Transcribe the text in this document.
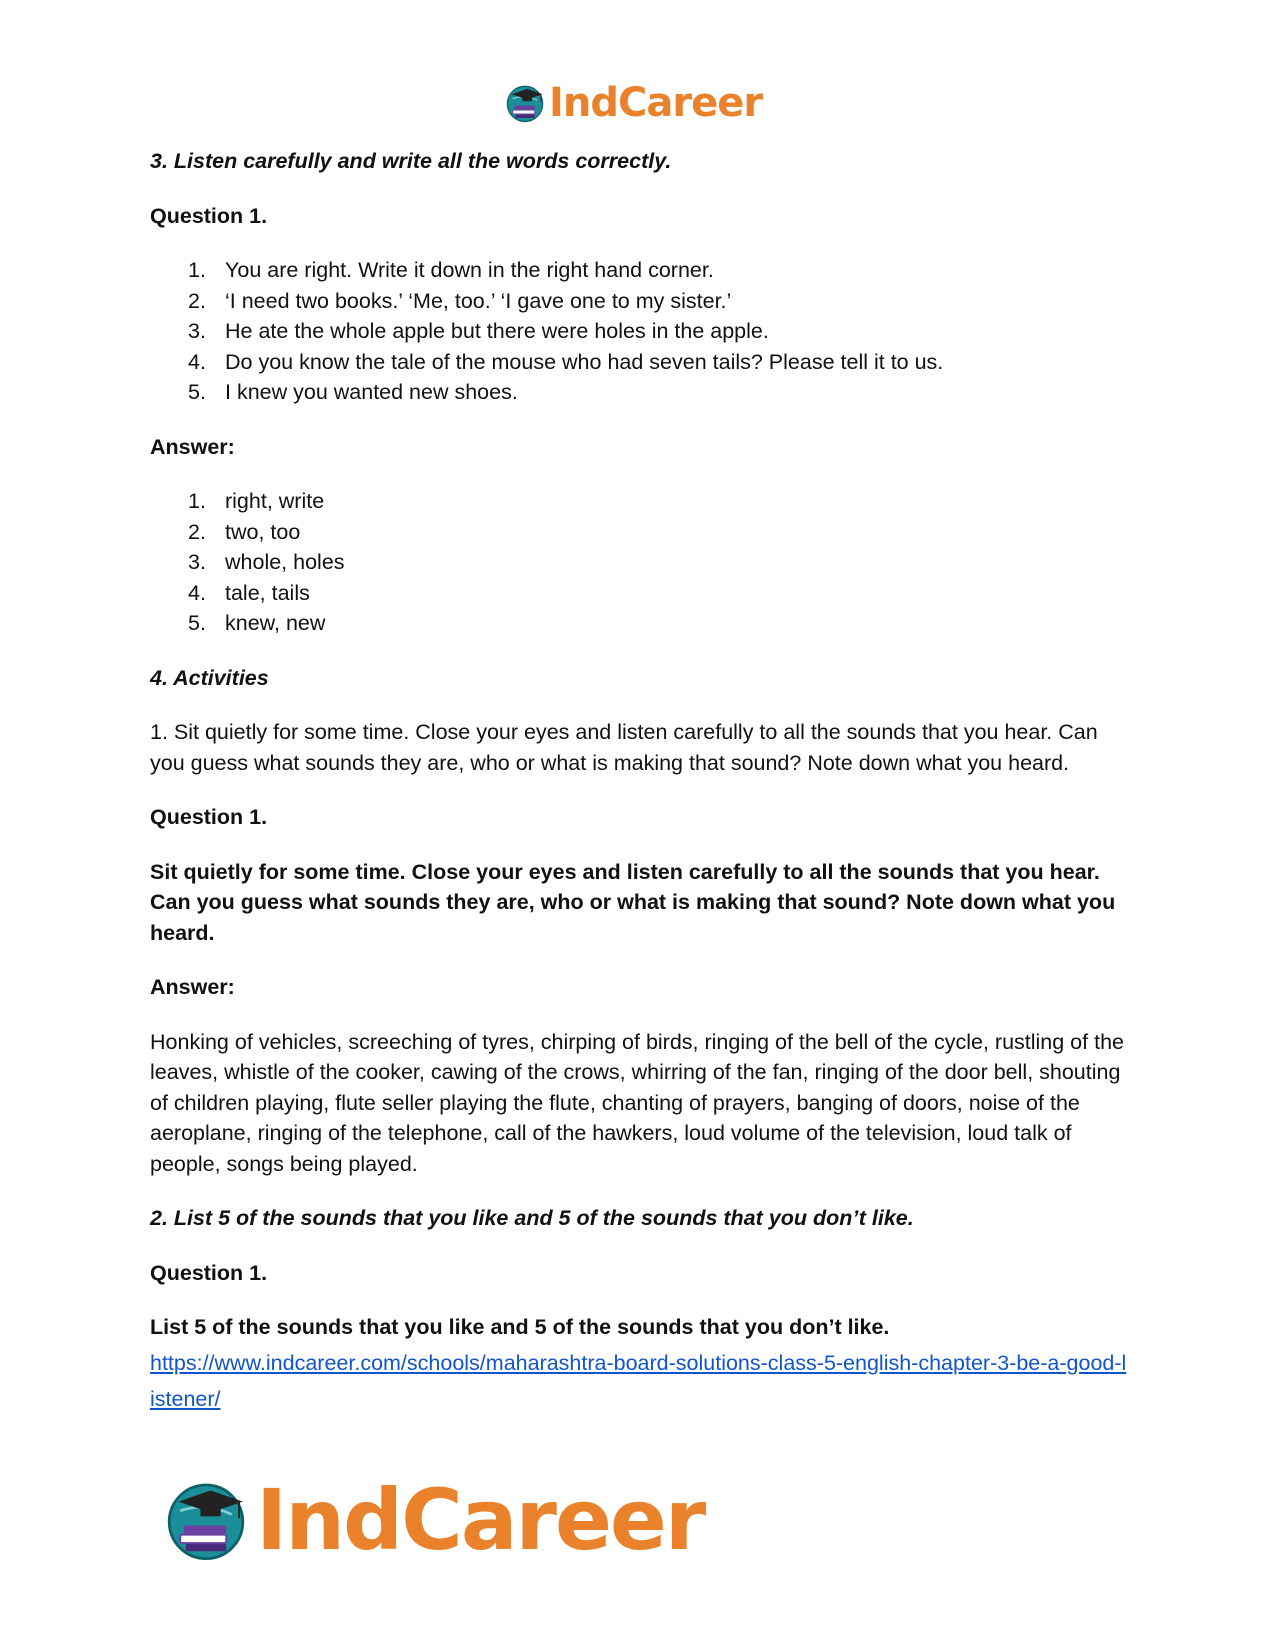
IndCareer

3. Listen carefully and write all the words correctly.

Question 1.

1. You are right. Write it down in the right hand corner.
2. ‘I need two books.’ ‘Me, too.’ ‘I gave one to my sister.’
3. He ate the whole apple but there were holes in the apple.
4. Do you know the tale of the mouse who had seven tails? Please tell it to us.
5. I knew you wanted new shoes.

Answer:

1. right, write
2. two, too
3. whole, holes
4. tale, tails
5. knew, new

4. Activities

1. Sit quietly for some time. Close your eyes and listen carefully to all the sounds that you hear. Can you guess what sounds they are, who or what is making that sound? Note down what you heard.

Question 1.

Sit quietly for some time. Close your eyes and listen carefully to all the sounds that you hear. Can you guess what sounds they are, who or what is making that sound? Note down what you heard.

Answer:

Honking of vehicles, screeching of tyres, chirping of birds, ringing of the bell of the cycle, rustling of the leaves, whistle of the cooker, cawing of the crows, whirring of the fan, ringing of the door bell, shouting of children playing, flute seller playing the flute, chanting of prayers, banging of doors, noise of the aeroplane, ringing of the telephone, call of the hawkers, loud volume of the television, loud talk of people, songs being played.

2. List 5 of the sounds that you like and 5 of the sounds that you don’t like.

Question 1.

List 5 of the sounds that you like and 5 of the sounds that you don’t like.

https://www.indcareer.com/schools/maharashtra-board-solutions-class-5-english-chapter-3-be-a-good-listener/
IndCareer
